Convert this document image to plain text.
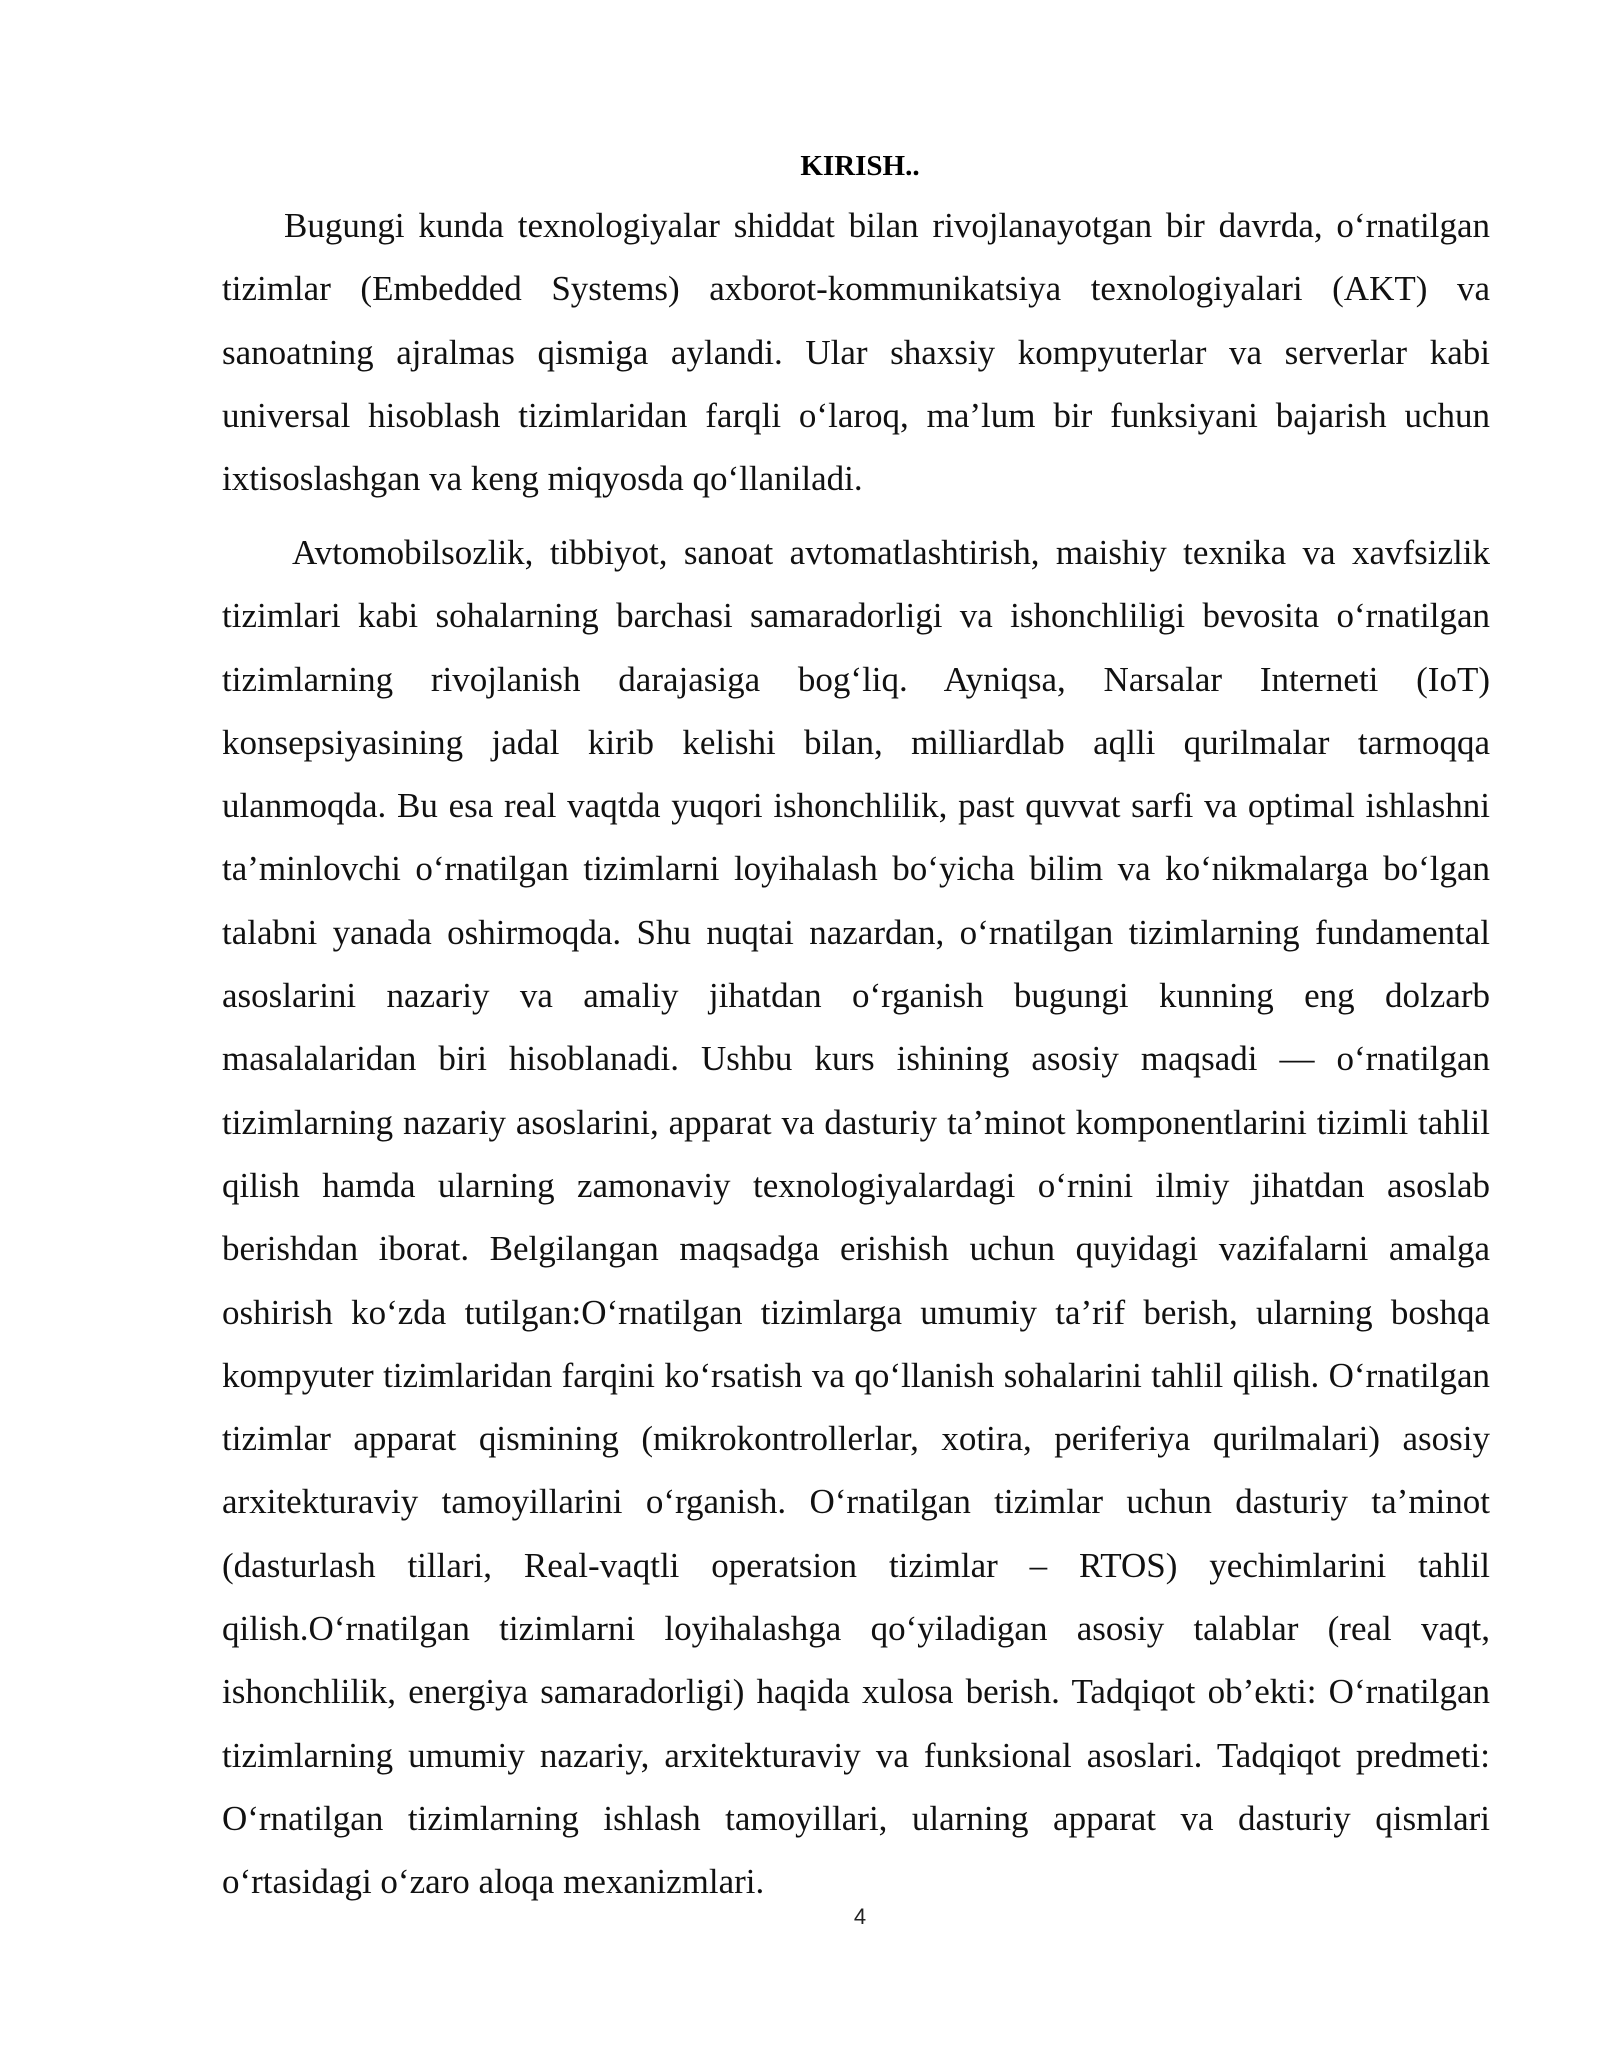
KIRISH..

Bugungi kunda texnologiyalar shiddat bilan rivojlanayotgan bir davrda, o‘rnatilgan tizimlar (Embedded Systems) axborot-kommunikatsiya texnologiyalari (AKT) va sanoatning ajralmas qismiga aylandi. Ular shaxsiy kompyuterlar va serverlar kabi universal hisoblash tizimlaridan farqli o‘laroq, ma’lum bir funksiyani bajarish uchun ixtisoslashgan va keng miqyosda qo‘llaniladi.

Avtomobilsozlik, tibbiyot, sanoat avtomatlashtirish, maishiy texnika va xavfsizlik tizimlari kabi sohalarning barchasi samaradorligi va ishonchliligi bevosita o‘rnatilgan tizimlarning rivojlanish darajasiga bog‘liq. Ayniqsa, Narsalar Interneti (IoT) konsepsiyasining jadal kirib kelishi bilan, milliardlab aqlli qurilmalar tarmoqqa ulanmoqda. Bu esa real vaqtda yuqori ishonchlilik, past quvvat sarfi va optimal ishlashni ta’minlovchi o‘rnatilgan tizimlarni loyihalash bo‘yicha bilim va ko‘nikmalarga bo‘lgan talabni yanada oshirmoqda. Shu nuqtai nazardan, o‘rnatilgan tizimlarning fundamental asoslarini nazariy va amaliy jihatdan o‘rganish bugungi kunning eng dolzarb masalalaridan biri hisoblanadi. Ushbu kurs ishining asosiy maqsadi — o‘rnatilgan tizimlarning nazariy asoslarini, apparat va dasturiy ta’minot komponentlarini tizimli tahlil qilish hamda ularning zamonaviy texnologiyalardagi o‘rnini ilmiy jihatdan asoslab berishdan iborat. Belgilangan maqsadga erishish uchun quyidagi vazifalarni amalga oshirish ko‘zda tutilgan:O‘rnatilgan tizimlarga umumiy ta’rif berish, ularning boshqa kompyuter tizimlaridan farqini ko‘rsatish va qo‘llanish sohalarini tahlil qilish. O‘rnatilgan tizimlar apparat qismining (mikrokontrollerlar, xotira, periferiya qurilmalari) asosiy arxitekturaviy tamoyillarini o‘rganish. O‘rnatilgan tizimlar uchun dasturiy ta’minot (dasturlash tillari, Real-vaqtli operatsion tizimlar – RTOS) yechimlarini tahlil qilish.O‘rnatilgan tizimlarni loyihalashga qo‘yiladigan asosiy talablar (real vaqt, ishonchlilik, energiya samaradorligi) haqida xulosa berish. Tadqiqot ob’ekti: O‘rnatilgan tizimlarning umumiy nazariy, arxitekturaviy va funksional asoslari. Tadqiqot predmeti: O‘rnatilgan tizimlarning ishlash tamoyillari, ularning apparat va dasturiy qismlari o‘rtasidagi o‘zaro aloqa mexanizmlari.

4
